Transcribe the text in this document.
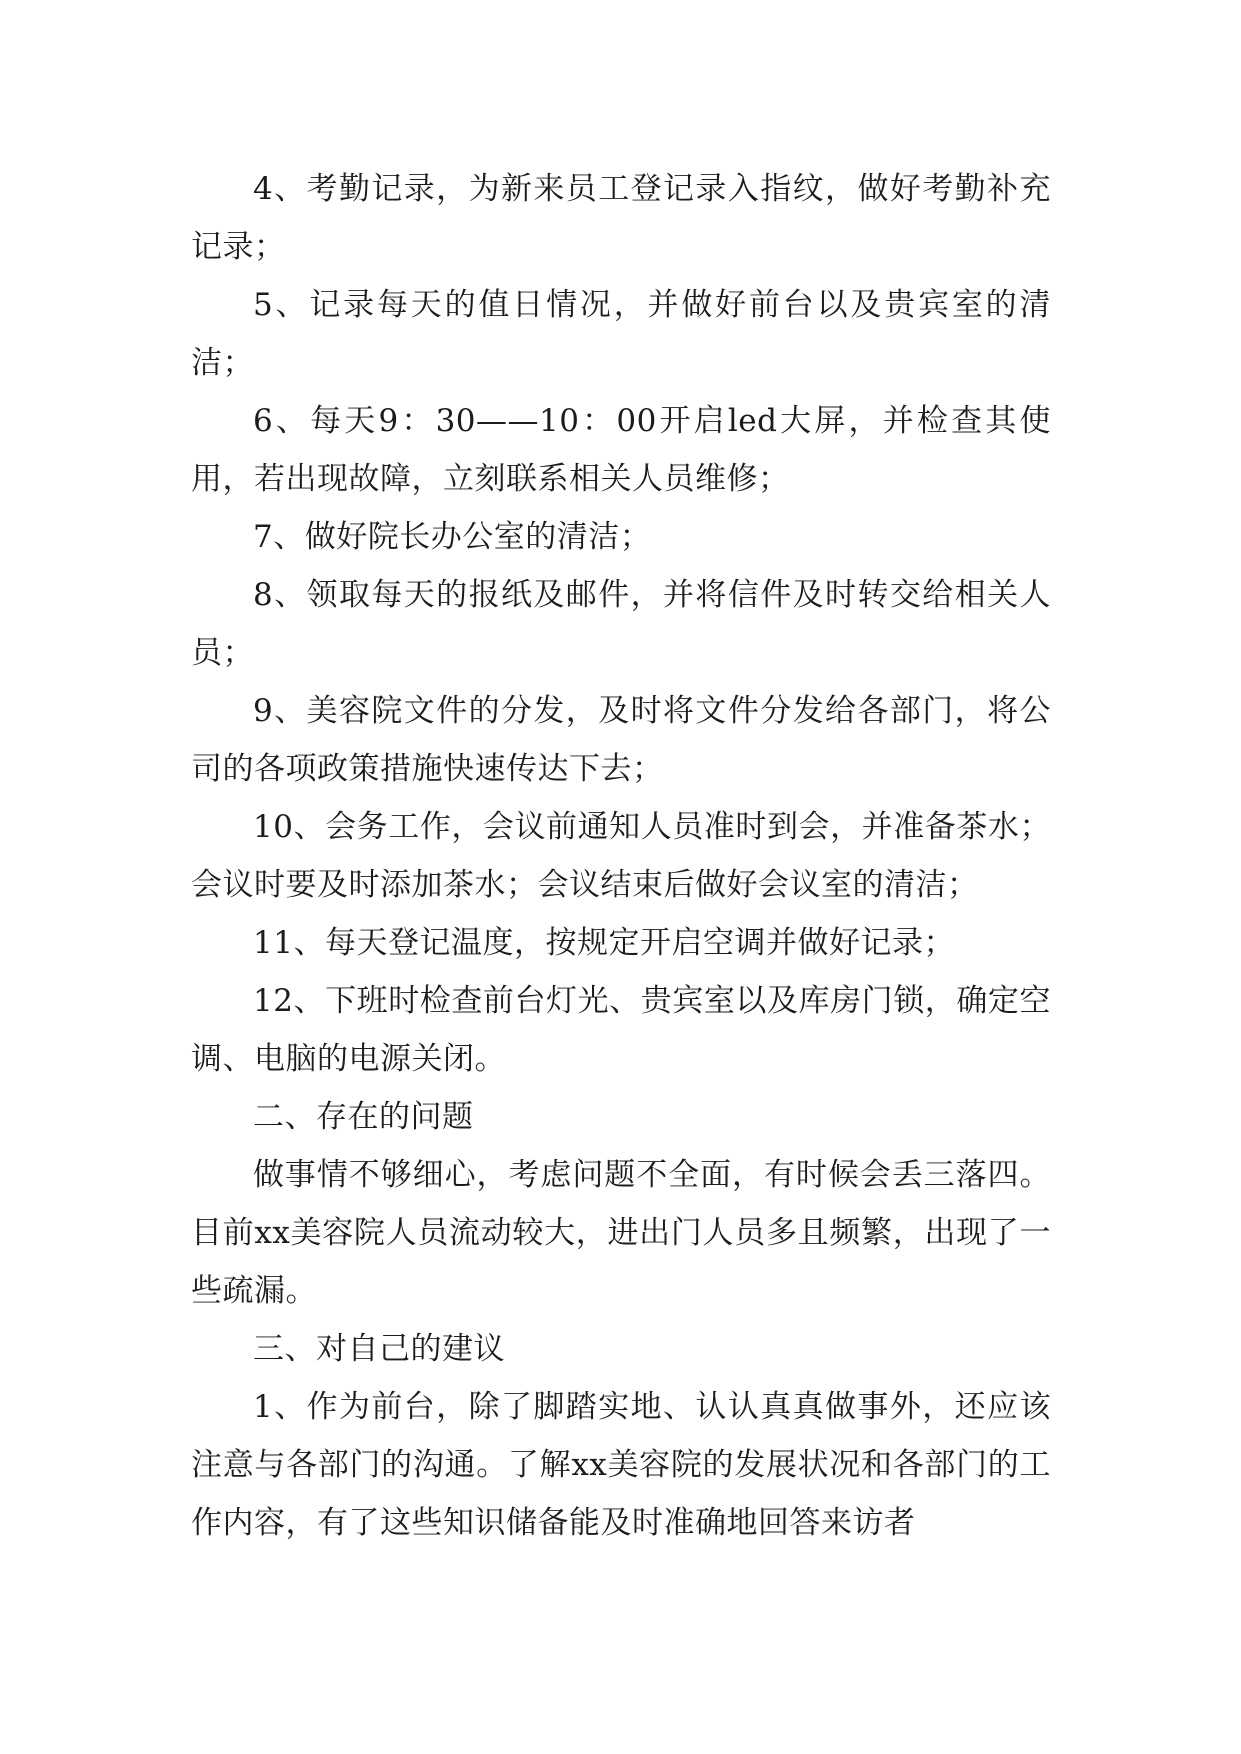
4、考勤记录，为新来员工登记录入指纹，做好考勤补充记录；

5、记录每天的值日情况，并做好前台以及贵宾室的清洁；

6、每天9：30——10：00开启led大屏，并检查其使用，若出现故障，立刻联系相关人员维修；

7、做好院长办公室的清洁；

8、领取每天的报纸及邮件，并将信件及时转交给相关人员；

9、美容院文件的分发，及时将文件分发给各部门，将公司的各项政策措施快速传达下去；

10、会务工作，会议前通知人员准时到会，并准备茶水；会议时要及时添加茶水；会议结束后做好会议室的清洁；

11、每天登记温度，按规定开启空调并做好记录；

12、下班时检查前台灯光、贵宾室以及库房门锁，确定空调、电脑的电源关闭。

二、存在的问题

做事情不够细心，考虑问题不全面，有时候会丢三落四。目前xx美容院人员流动较大，进出门人员多且频繁，出现了一些疏漏。

三、对自己的建议

1、作为前台，除了脚踏实地、认认真真做事外，还应该注意与各部门的沟通。了解xx美容院的发展状况和各部门的工作内容，有了这些知识储备能及时准确地回答来访者
